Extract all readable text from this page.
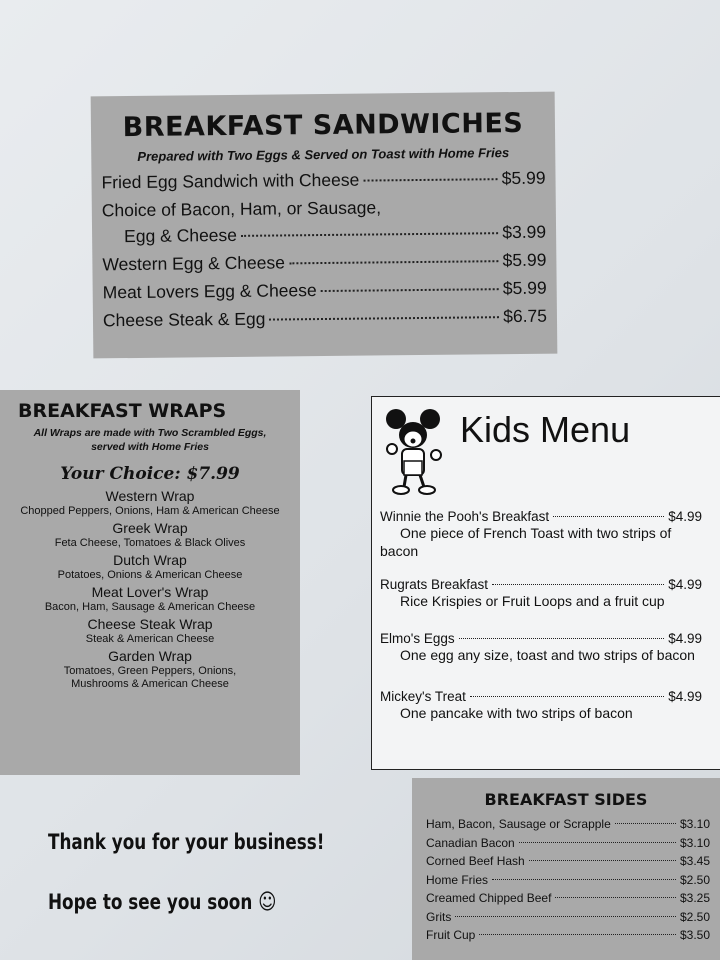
BREAKFAST SANDWICHES
Prepared with Two Eggs & Served on Toast with Home Fries
Fried Egg Sandwich with Cheese	$5.99
Choice of Bacon, Ham, or Sausage,
Egg & Cheese	$3.99
Western Egg & Cheese	$5.99
Meat Lovers Egg & Cheese	$5.99
Cheese Steak & Egg	$6.75
BREAKFAST WRAPS
All Wraps are made with Two Scrambled Eggs,
served with Home Fries
Your Choice: $7.99
Western Wrap
Chopped Peppers, Onions, Ham & American Cheese
Greek Wrap
Feta Cheese, Tomatoes & Black Olives
Dutch Wrap
Potatoes, Onions & American Cheese
Meat Lover's Wrap
Bacon, Ham, Sausage & American Cheese
Cheese Steak Wrap
Steak & American Cheese
Garden Wrap
Tomatoes, Green Peppers, Onions,
Mushrooms & American Cheese
Kids Menu
Winnie the Pooh's Breakfast	$4.99
One piece of French Toast with two strips of
bacon
Rugrats Breakfast	$4.99
Rice Krispies or Fruit Loops and a fruit cup
Elmo's Eggs	$4.99
One egg any size, toast and two strips of bacon
Mickey's Treat	$4.99
One pancake with two strips of bacon
BREAKFAST SIDES
Ham, Bacon, Sausage or Scrapple	$3.10
Canadian Bacon	$3.10
Corned Beef Hash	$3.45
Home Fries	$2.50
Creamed Chipped Beef	$3.25
Grits	$2.50
Fruit Cup	$3.50
Thank you for your business!
Hope to see you soon ☺
